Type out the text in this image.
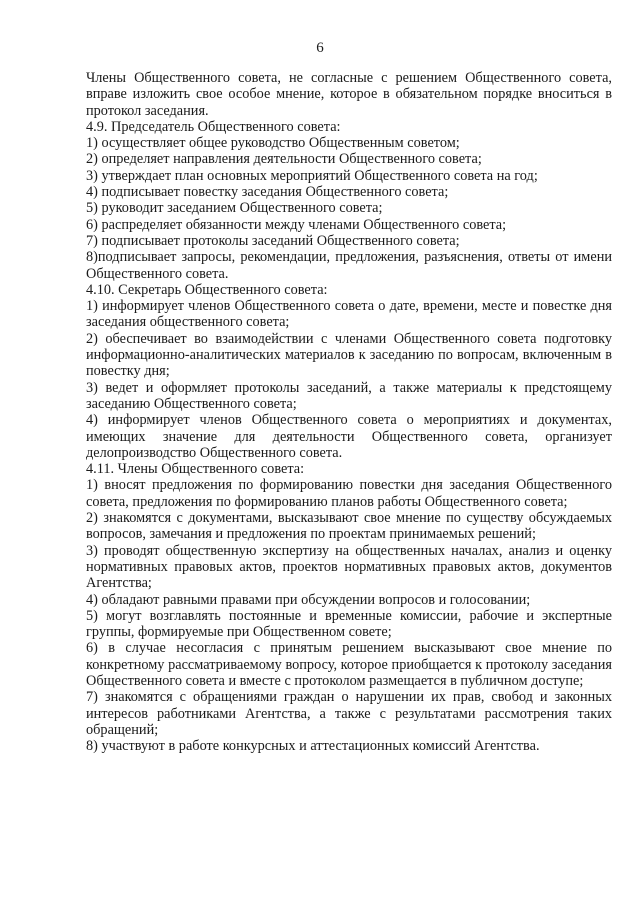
6

Члены Общественного совета, не согласные с решением Общественного совета, вправе изложить свое особое мнение, которое в обязательном порядке вноситься в протокол заседания.

4.9. Председатель Общественного совета:

1) осуществляет общее руководство Общественным советом;

2) определяет направления деятельности Общественного совета;

3) утверждает план основных мероприятий Общественного совета на год;

4) подписывает повестку заседания Общественного совета;

5) руководит заседанием Общественного совета;

6) распределяет обязанности между членами Общественного совета;

7) подписывает протоколы заседаний Общественного совета;

8)подписывает запросы, рекомендации, предложения, разъяснения, ответы от имени Общественного совета.

4.10. Секретарь Общественного совета:

1) информирует членов Общественного совета о дате, времени, месте и повестке дня заседания общественного совета;

2) обеспечивает во взаимодействии с членами Общественного совета подготовку информационно-аналитических материалов к заседанию по вопросам, включенным в повестку дня;

3) ведет и оформляет протоколы заседаний, а также материалы к предстоящему заседанию Общественного совета;

4) информирует членов Общественного совета о мероприятиях и документах, имеющих значение для деятельности Общественного совета, организует делопроизводство Общественного совета.

4.11. Члены Общественного совета:

1) вносят предложения по формированию повестки дня заседания Общественного совета, предложения по формированию планов работы Общественного совета;

2) знакомятся с документами, высказывают свое мнение по существу обсуждаемых вопросов, замечания и предложения по проектам принимаемых решений;

3) проводят общественную экспертизу на общественных началах, анализ и оценку нормативных правовых актов, проектов нормативных правовых актов, документов Агентства;

4) обладают равными правами при обсуждении вопросов и голосовании;

5) могут возглавлять постоянные и временные комиссии, рабочие и экспертные группы, формируемые при Общественном совете;

6) в случае несогласия с принятым решением высказывают свое мнение по конкретному рассматриваемому вопросу, которое приобщается к протоколу заседания Общественного совета и вместе с протоколом размещается в публичном доступе;

7) знакомятся с обращениями граждан о нарушении их прав, свобод и законных интересов работниками Агентства, а также с результатами рассмотрения таких обращений;

8) участвуют в работе конкурсных и аттестационных комиссий Агентства.
